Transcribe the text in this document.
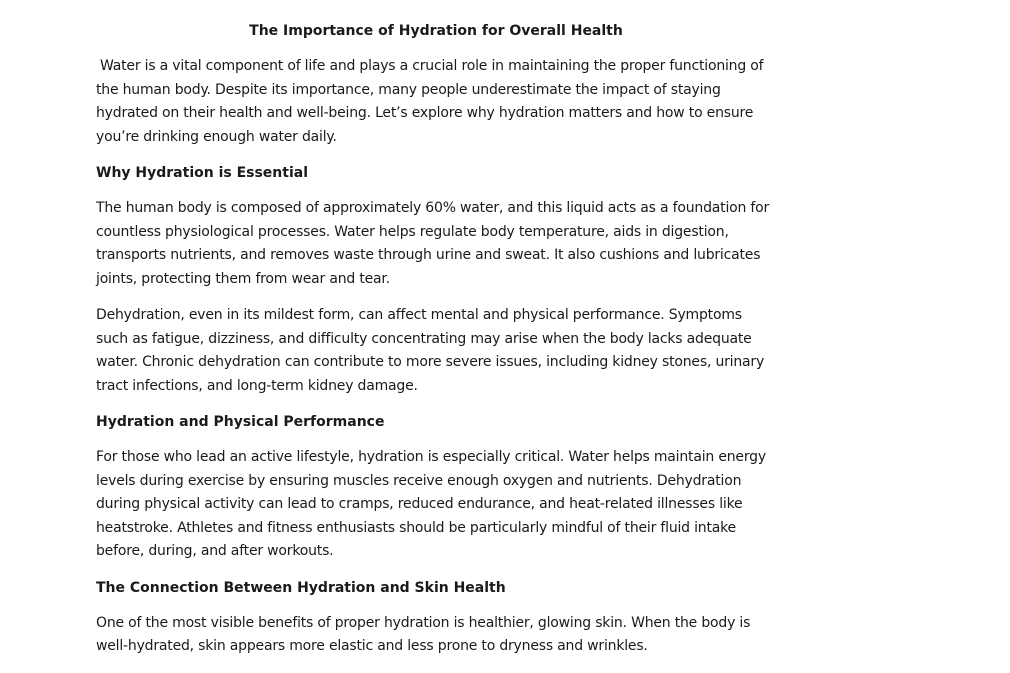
The Importance of Hydration for Overall Health

Water is a vital component of life and plays a crucial role in maintaining the proper functioning of the human body. Despite its importance, many people underestimate the impact of staying hydrated on their health and well-being. Let’s explore why hydration matters and how to ensure you’re drinking enough water daily.

Why Hydration is Essential

The human body is composed of approximately 60% water, and this liquid acts as a foundation for countless physiological processes. Water helps regulate body temperature, aids in digestion, transports nutrients, and removes waste through urine and sweat. It also cushions and lubricates joints, protecting them from wear and tear.

Dehydration, even in its mildest form, can affect mental and physical performance. Symptoms such as fatigue, dizziness, and difficulty concentrating may arise when the body lacks adequate water. Chronic dehydration can contribute to more severe issues, including kidney stones, urinary tract infections, and long-term kidney damage.

Hydration and Physical Performance

For those who lead an active lifestyle, hydration is especially critical. Water helps maintain energy levels during exercise by ensuring muscles receive enough oxygen and nutrients. Dehydration during physical activity can lead to cramps, reduced endurance, and heat-related illnesses like heatstroke. Athletes and fitness enthusiasts should be particularly mindful of their fluid intake before, during, and after workouts.

The Connection Between Hydration and Skin Health

One of the most visible benefits of proper hydration is healthier, glowing skin. When the body is well-hydrated, skin appears more elastic and less prone to dryness and wrinkles.
